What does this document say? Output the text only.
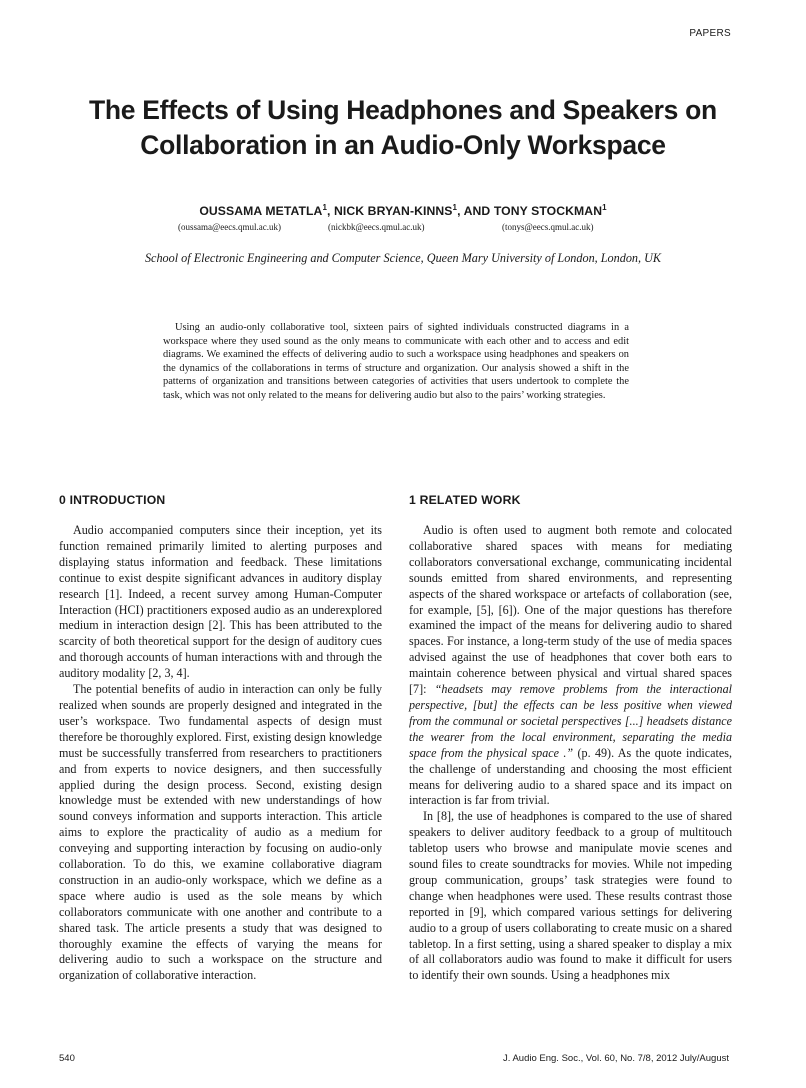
PAPERS
The Effects of Using Headphones and Speakers on
Collaboration in an Audio-Only Workspace
OUSSAMA METATLA$^1$, NICK BRYAN-KINNS$^1$, AND TONY STOCKMAN$^1$
(oussama@eecs.qmul.ac.uk)	(nickbk@eecs.qmul.ac.uk)	(tonys@eecs.qmul.ac.uk)
School of Electronic Engineering and Computer Science, Queen Mary University of London, London, UK
Using an audio-only collaborative tool, sixteen pairs of sighted individuals constructed diagrams in a workspace where they used sound as the only means to communicate with each other and to access and edit diagrams. We examined the effects of delivering audio to such a workspace using headphones and speakers on the dynamics of the collaborations in terms of structure and organization. Our analysis showed a shift in the patterns of organization and transitions between categories of activities that users undertook to complete the task, which was not only related to the means for delivering audio but also to the pairs’ working strategies.
0 INTRODUCTION

Audio accompanied computers since their inception, yet its function remained primarily limited to alerting purposes and displaying status information and feedback. These limitations continue to exist despite significant advances in auditory display research [1]. Indeed, a recent survey among Human-Computer Interaction (HCI) practitioners exposed audio as an underexplored medium in interaction design [2]. This has been attributed to the scarcity of both theoretical support for the design of auditory cues and thorough accounts of human interactions with and through the auditory modality [2, 3, 4].

The potential benefits of audio in interaction can only be fully realized when sounds are properly designed and integrated in the user’s workspace. Two fundamental aspects of design must therefore be thoroughly explored. First, existing design knowledge must be successfully transferred from researchers to practitioners and from experts to novice designers, and then successfully applied during the design process. Second, existing design knowledge must be extended with new understandings of how sound conveys information and supports interaction. This article aims to explore the practicality of audio as a medium for conveying and supporting interaction by focusing on audio-only collaboration. To do this, we examine collaborative diagram construction in an audio-only workspace, which we define as a space where audio is used as the sole means by which collaborators communicate with one another and contribute to a shared task. The article presents a study that was designed to thoroughly examine the effects of varying the means for delivering audio to such a workspace on the structure and organization of collaborative interaction.

1 RELATED WORK

Audio is often used to augment both remote and colocated collaborative shared spaces with means for mediating collaborators conversational exchange, communicating incidental sounds emitted from shared environments, and representing aspects of the shared workspace or artefacts of collaboration (see, for example, [5], [6]). One of the major questions has therefore examined the impact of the means for delivering audio to shared spaces. For instance, a long-term study of the use of media spaces advised against the use of headphones that cover both ears to maintain coherence between physical and virtual shared spaces [7]: “headsets may remove problems from the interactional perspective, [but] the effects can be less positive when viewed from the communal or societal perspectives [...] headsets distance the wearer from the local environment, separating the media space from the physical space .” (p. 49). As the quote indicates, the challenge of understanding and choosing the most efficient means for delivering audio to a shared space and its impact on interaction is far from trivial.

In [8], the use of headphones is compared to the use of shared speakers to deliver auditory feedback to a group of multitouch tabletop users who browse and manipulate movie scenes and sound files to create soundtracks for movies. While not impeding group communication, groups’ task strategies were found to change when headphones were used. These results contrast those reported in [9], which compared various settings for delivering audio to a group of users collaborating to create music on a shared tabletop. In a first setting, using a shared speaker to display a mix of all collaborators audio was found to make it difficult for users to identify their own sounds. Using a headphones mix

540	J. Audio Eng. Soc., Vol. 60, No. 7/8, 2012 July/August
